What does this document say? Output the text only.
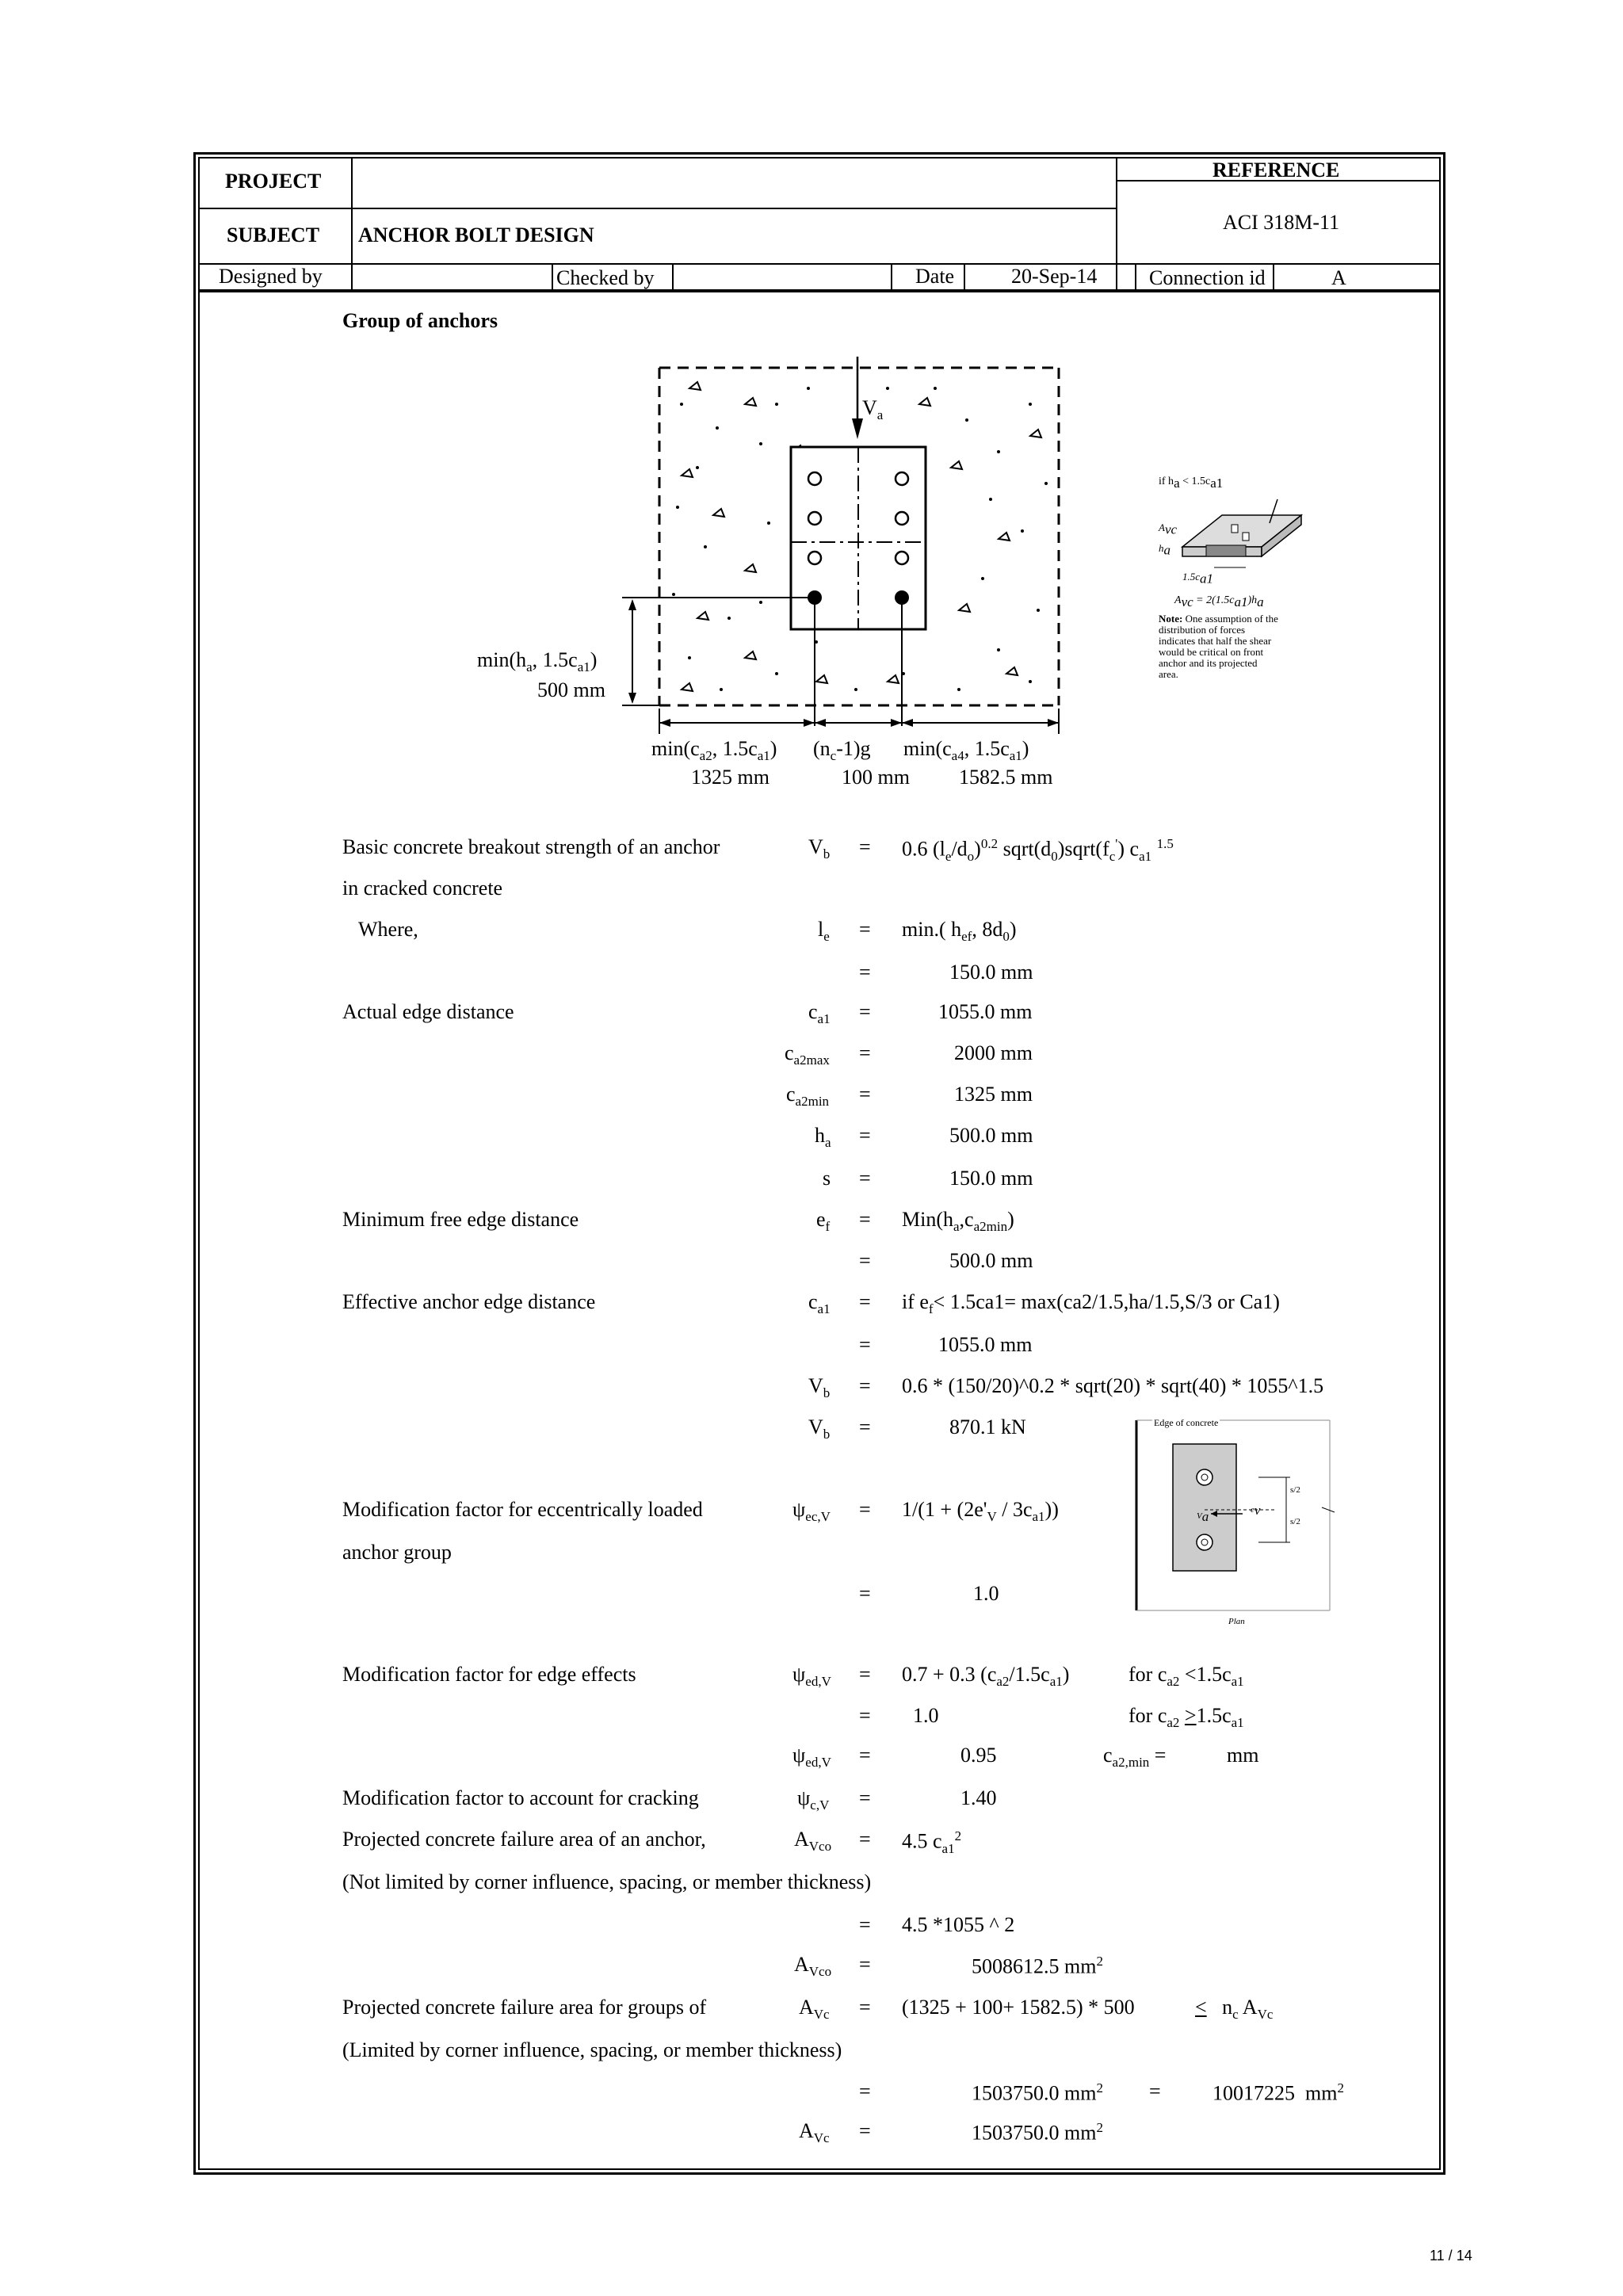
PROJECT
SUBJECT ANCHOR BOLT DESIGN
REFERENCE
ACI 318M-11
Designed by	Checked by	Date	20-Sep-14	Connection id	A
Group of anchors
$V_a$
$\min(h_a$, $1.5c_{a1}$)
500 mm
$\min(c_{a2}$, $1.5c_{a1}$) $(n_c-1)g$ $\min(c_{a4}$, $1.5c_{a1}$)
1325 mm	100 mm 1582.5 mm
if $h_a < 1.5c_{a1}$
$A_{vc}$
$h_a$
$1.5c_{a1}$
$A_{vc} = 2(1.5c_{a1})h_a$
Note: One assumption of the
distribution of forces
indicates that half the shear
would be critical on front
anchor and its projected
area.
Edge of concrete
s/2
s/2
$V_a$	$e_v$
Plan
Basic concrete breakout strength of an anchor	$V_b = 0.6$ $(l_e/d_o)^{0.2}$ $sqrt(d_0)sqrt(f_c')$ $c_{a1}$ $^{1.5}$
in cracked concrete
Where,	$l_e = \min$.( $h_{ef}$, $8d_0$)
=	150.0 mm
Actual edge distance	$c_{a1}$ =	1055.0 mm
$c_{a2max}$ =	2000 mm
$c_{a2min}$ =	1325 mm
$h_a$ =	500.0 mm
s =	150.0 mm
Minimum free edge distance	$e_f = Min(h_a,c_{a2min})$
=	500.0 mm
Effective anchor edge distance	$c_{a1}$ = if $e_f< 1.5ca1= \max(ca2/1.5,ha/1.5,S/3$ or Ca1)
=	1055.0 mm
$V_b = 0.6$ * (150/20)^0.2 * sqrt(20) * sqrt(40) * 1055^1.5
$V_b$ =	870.1 kN
Modification factor for eccentrically loaded	$\psi_{ec,V} = 1/(1 + (2e'_V / 3c_{a1}))$
anchor group
=	1.0
Modification factor for edge effects	$\psi_{ed,V} = 0.7 + 0.3$ $(c_{a2}/1.5c_{a1})$	for $c_{a2} <1.5c_{a1}$
= 1.0	for $c_{a2} >1.5c_{a1}$
$\psi_{ed,V}$ =	0.95	$c_{a2,min}$ =	mm
Modification factor to account for cracking	$\psi_{c,V}$ =	1.40
Projected concrete failure area of an anchor,	$A_{Vco} = 4.5$ $c_{a1}^2$
(Not limited by corner influence, spacing, or member thickness)
= 4.5 *1055 ^ 2
$A_{Vco}$ =	5008612.5 $mm^2$
Projected concrete failure area for groups of	$A_{Vc} = (1325 + 100+ 1582.5) * 500$	<   $n_c$ $A_{Vc}$
(Limited by corner influence, spacing, or member thickness)
=	1503750.0 $mm^2$ =	10017225  $mm^2$
$A_{Vc}$ =	1503750.0 $mm^2$
11 / 14
